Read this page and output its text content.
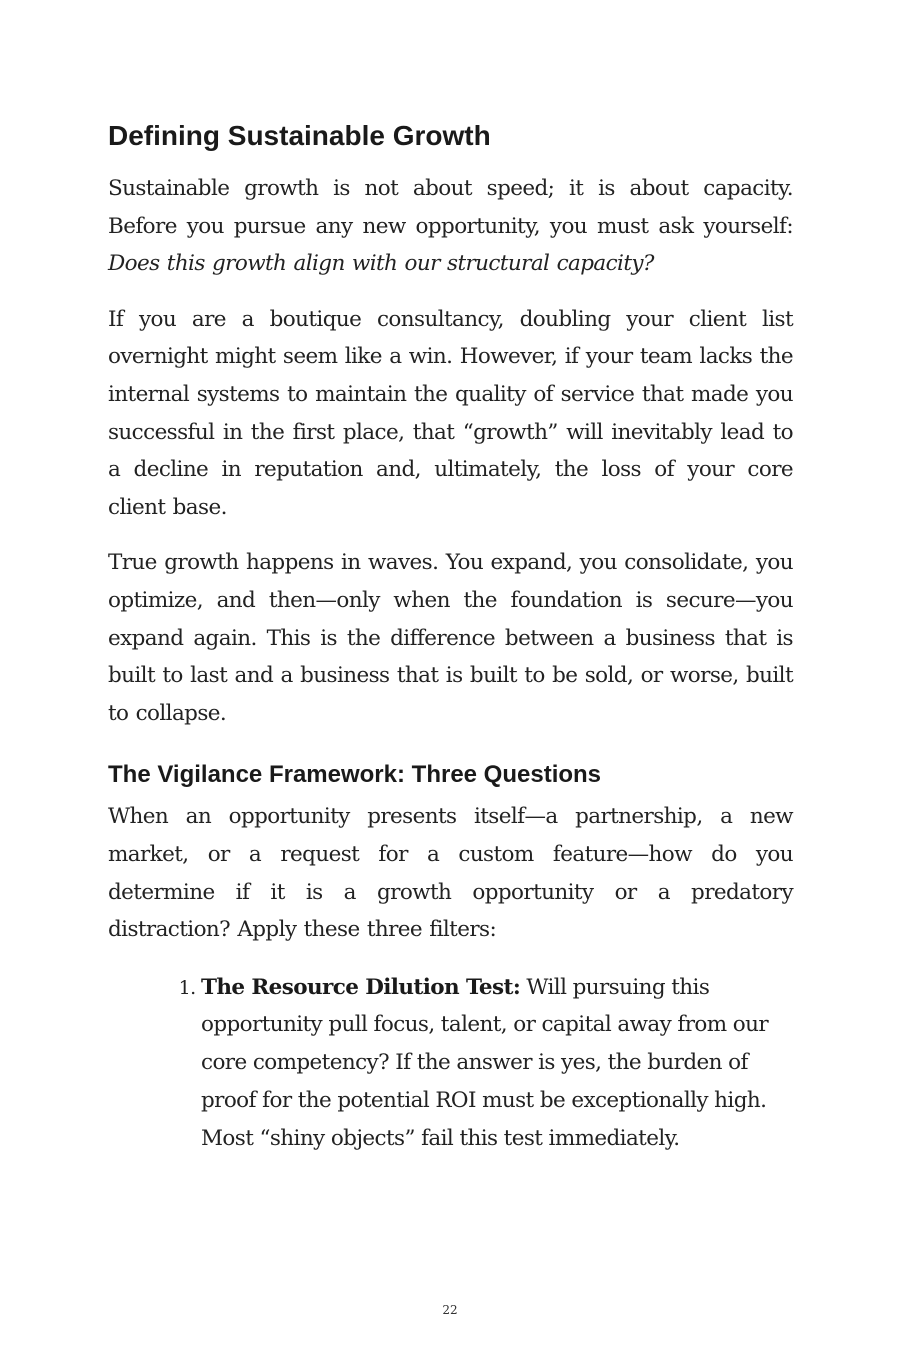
Defining Sustainable Growth

Sustainable growth is not about speed; it is about capacity. Before you pursue any new opportunity, you must ask yourself: Does this growth align with our structural capacity?

If you are a boutique consultancy, doubling your client list overnight might seem like a win. However, if your team lacks the internal systems to maintain the quality of service that made you successful in the first place, that “growth” will inevitably lead to a decline in reputation and, ultimately, the loss of your core client base.

True growth happens in waves. You expand, you consolidate, you optimize, and then—only when the foundation is secure—you expand again. This is the difference between a business that is built to last and a business that is built to be sold, or worse, built to collapse.

The Vigilance Framework: Three Questions

When an opportunity presents itself—a partnership, a new market, or a request for a custom feature—how do you determine if it is a growth opportunity or a predatory distraction? Apply these three filters:

1. The Resource Dilution Test: Will pursuing this opportunity pull focus, talent, or capital away from our core competency? If the answer is yes, the burden of proof for the potential ROI must be exceptionally high. Most “shiny objects” fail this test immediately.
22
